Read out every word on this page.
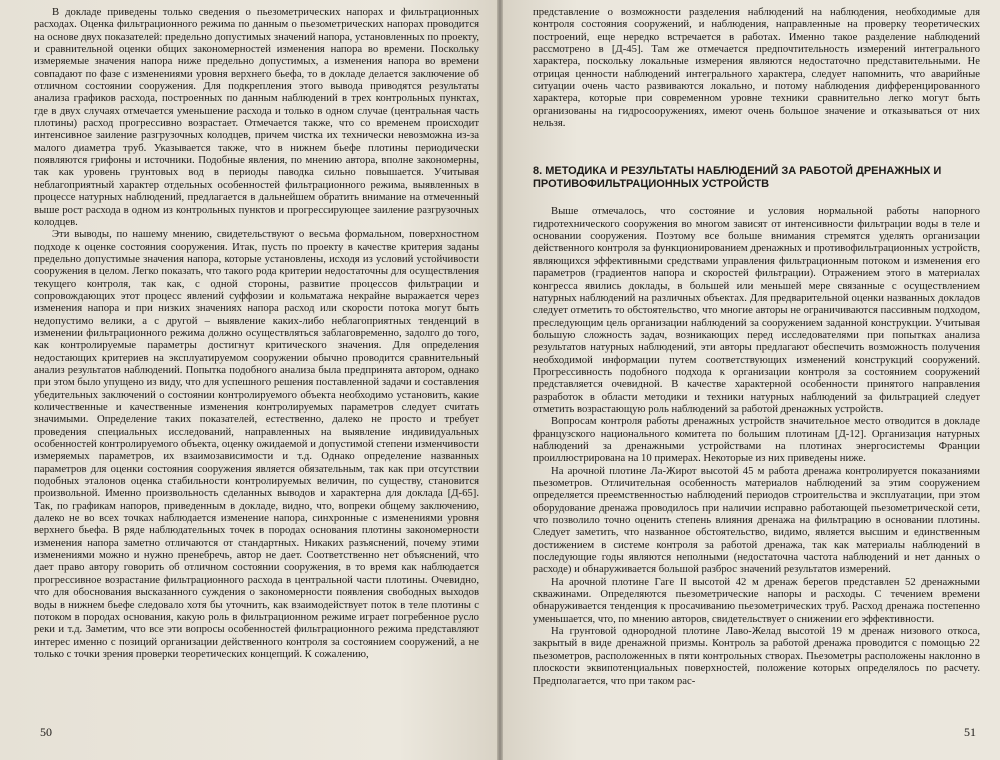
В докладе приведены только сведения о пьезометрических напорах и фильтрационных расходах. Оценка фильтрационного режима по данным о пьезометрических напорах проводится на основе двух показателей: предельно допустимых значений напора, установленных по проекту, и сравнительной оценки общих закономерностей изменения напора во времени. Поскольку измеряемые значения напора ниже предельно допустимых, а изменения напора во времени совпадают по фазе с изменениями уровня верхнего бьефа, то в докладе делается заключение об отличном состоянии сооружения. Для подкрепления этого вывода приводятся результаты анализа графиков расхода, построенных по данным наблюдений в трех контрольных пунктах, где в двух случаях отмечается уменьшение расхода и только в одном случае (центральная часть плотины) расход прогрессивно возрастает. Отмечается также, что со временем происходит интенсивное заиление разгрузочных колодцев, причем чистка их технически невозможна из-за малого диаметра труб. Указывается также, что в нижнем бьефе плотины периодически появляются грифоны и источники. Подобные явления, по мнению автора, вполне закономерны, так как уровень грунтовых вод в периоды паводка сильно повышается. Учитывая неблагоприятный характер отдельных особенностей фильтрационного режима, выявленных в процессе натурных наблюдений, предлагается в дальнейшем обратить внимание на отмеченный выше рост расхода в одном из контрольных пунктов и прогрессирующее заиление разгрузочных колодцев.

Эти выводы, по нашему мнению, свидетельствуют о весьма формальном, поверхностном подходе к оценке состояния сооружения. Итак, пусть по проекту в качестве критерия заданы предельно допустимые значения напора, которые установлены, исходя из условий устойчивости сооружения в целом. Легко показать, что такого рода критерии недостаточны для осуществления текущего контроля, так как, с одной стороны, развитие процессов фильтрации и сопровождающих этот процесс явлений суффозии и кольматажа некрайне выражается через изменения напора и при низких значениях напора расход или скорости потока могут быть недопустимо велики, а с другой – выявление каких-либо неблагоприятных тенденций в изменении фильтрационного режима должно осуществляться заблаговременно, задолго до того, как контролируемые параметры достигнут критического значения. Для определения недостающих критериев на эксплуатируемом сооружении обычно проводится сравнительный анализ результатов наблюдений. Попытка подобного анализа была предпринята автором, однако при этом было упущено из виду, что для успешного решения поставленной задачи и составления убедительных заключений о состоянии контролируемого объекта необходимо установить, какие количественные и качественные изменения контролируемых параметров следует считать значимыми. Определение таких показателей, естественно, далеко не просто и требует проведения специальных исследований, направленных на выявление индивидуальных особенностей контролируемого объекта, оценку ожидаемой и допустимой степени изменчивости измеряемых параметров, их взаимозависимости и т.д. Однако определение названных параметров для оценки состояния сооружения является обязательным, так как при отсутствии подобных эталонов оценка стабильности контролируемых величин, по существу, становится произвольной. Именно произвольность сделанных выводов и характерна для доклада [Д-65]. Так, по графикам напоров, приведенным в докладе, видно, что, вопреки общему заключению, далеко не во всех точках наблюдается изменение напора, синхронные с изменениями уровня верхнего бьефа. В ряде наблюдательных точек в породах основания плотины закономерности изменения напора заметно отличаются от стандартных. Никаких разъяснений, почему этими изменениями можно и нужно пренебречь, автор не дает. Соответственно нет объяснений, что дает право автору говорить об отличном состоянии сооружения, в то время как наблюдается прогрессивное возрастание фильтрационного расхода в центральной части плотины. Очевидно, что для обоснования высказанного суждения о закономерности появления свободных выходов воды в нижнем бьефе следовало хотя бы уточнить, как взаимодействует поток в теле плотины с потоком в породах основания, какую роль в фильтрационном режиме играет погребенное русло реки и т.д. Заметим, что все эти вопросы особенностей фильтрационного режима представляют интерес именно с позиций организации действенного контроля за состоянием сооружений, а не только с точки зрения проверки теоретических концепций. К сожалению,

50

представление о возможности разделения наблюдений на наблюдения, необходимые для контроля состояния сооружений, и наблюдения, направленные на проверку теоретических построений, еще нередко встречается в работах. Именно такое разделение наблюдений рассмотрено в [Д-45]. Там же отмечается предпочтительность измерений интегрального характера, поскольку локальные измерения являются недостаточно представительными. Не отрицая ценности наблюдений интегрального характера, следует напомнить, что аварийные ситуации очень часто развиваются локально, и потому наблюдения дифференцированного характера, которые при современном уровне техники сравнительно легко могут быть организованы на гидросооружениях, имеют очень большое значение и отказываться от них нельзя.

8. МЕТОДИКА И РЕЗУЛЬТАТЫ НАБЛЮДЕНИЙ ЗА РАБОТОЙ ДРЕНАЖНЫХ И ПРОТИВОФИЛЬТРАЦИОННЫХ УСТРОЙСТВ

Выше отмечалось, что состояние и условия нормальной работы напорного гидротехнического сооружения во многом зависят от интенсивности фильтрации воды в теле и основании сооружения. Поэтому все больше внимания стремятся уделять организации действенного контроля за функционированием дренажных и противофильтрационных устройств, являющихся эффективными средствами управления фильтрационным потоком и изменения его параметров (градиентов напора и скоростей фильтрации). Отражением этого в материалах конгресса явились доклады, в большей или меньшей мере связанные с осуществлением натурных наблюдений на различных объектах. Для предварительной оценки названных докладов следует отметить то обстоятельство, что многие авторы не ограничиваются пассивным подходом, преследующим цель организации наблюдений за сооружением заданной конструкции. Учитывая большую сложность задач, возникающих перед исследователями при попытках анализа результатов натурных наблюдений, эти авторы предлагают обеспечить возможность получения необходимой информации путем соответствующих изменений конструкций сооружений. Прогрессивность подобного подхода к организации контроля за состоянием сооружений представляется очевидной. В качестве характерной особенности принятого направления разработок в области методики и техники натурных наблюдений за фильтрацией следует отметить возрастающую роль наблюдений за работой дренажных устройств.

Вопросам контроля работы дренажных устройств значительное место отводится в докладе французского национального комитета по большим плотинам [Д-12]. Организация натурных наблюдений за дренажными устройствами на плотинах энергосистемы Франции проиллюстрирована на 10 примерах. Некоторые из них приведены ниже.

На арочной плотине Ла-Жирот высотой 45 м работа дренажа контролируется показаниями пьезометров. Отличительная особенность материалов наблюдений за этим сооружением определяется преемственностью наблюдений периодов строительства и эксплуатации, при этом оборудование дренажа проводилось при наличии исправно работающей пьезометрической сети, что позволило точно оценить степень влияния дренажа на фильтрацию в основании плотины. Следует заметить, что названное обстоятельство, видимо, является высшим и единственным достижением в системе контроля за работой дренажа, так как материалы наблюдений в последующие годы являются неполными (недостаточна частота наблюдений и нет данных о расходе) и обнаруживается большой разброс значений результатов измерений.

На арочной плотине Гаге II высотой 42 м дренаж берегов представлен 52 дренажными скважинами. Определяются пьезометрические напоры и расходы. С течением времени обнаруживается тенденция к просачиванию пьезометрических труб. Расход дренажа постепенно уменьшается, что, по мнению авторов, свидетельствует о снижении его эффективности.

На грунтовой однородной плотине Лаво-Желад высотой 19 м дренаж низового откоса, закрытый в виде дренажной призмы. Контроль за работой дренажа проводится с помощью 22 пьезометров, расположенных в пяти контрольных створах. Пьезометры расположены наклонно в плоскости эквипотенциальных поверхностей, положение которых определялось по расчету. Предполагается, что при таком рас-

51
